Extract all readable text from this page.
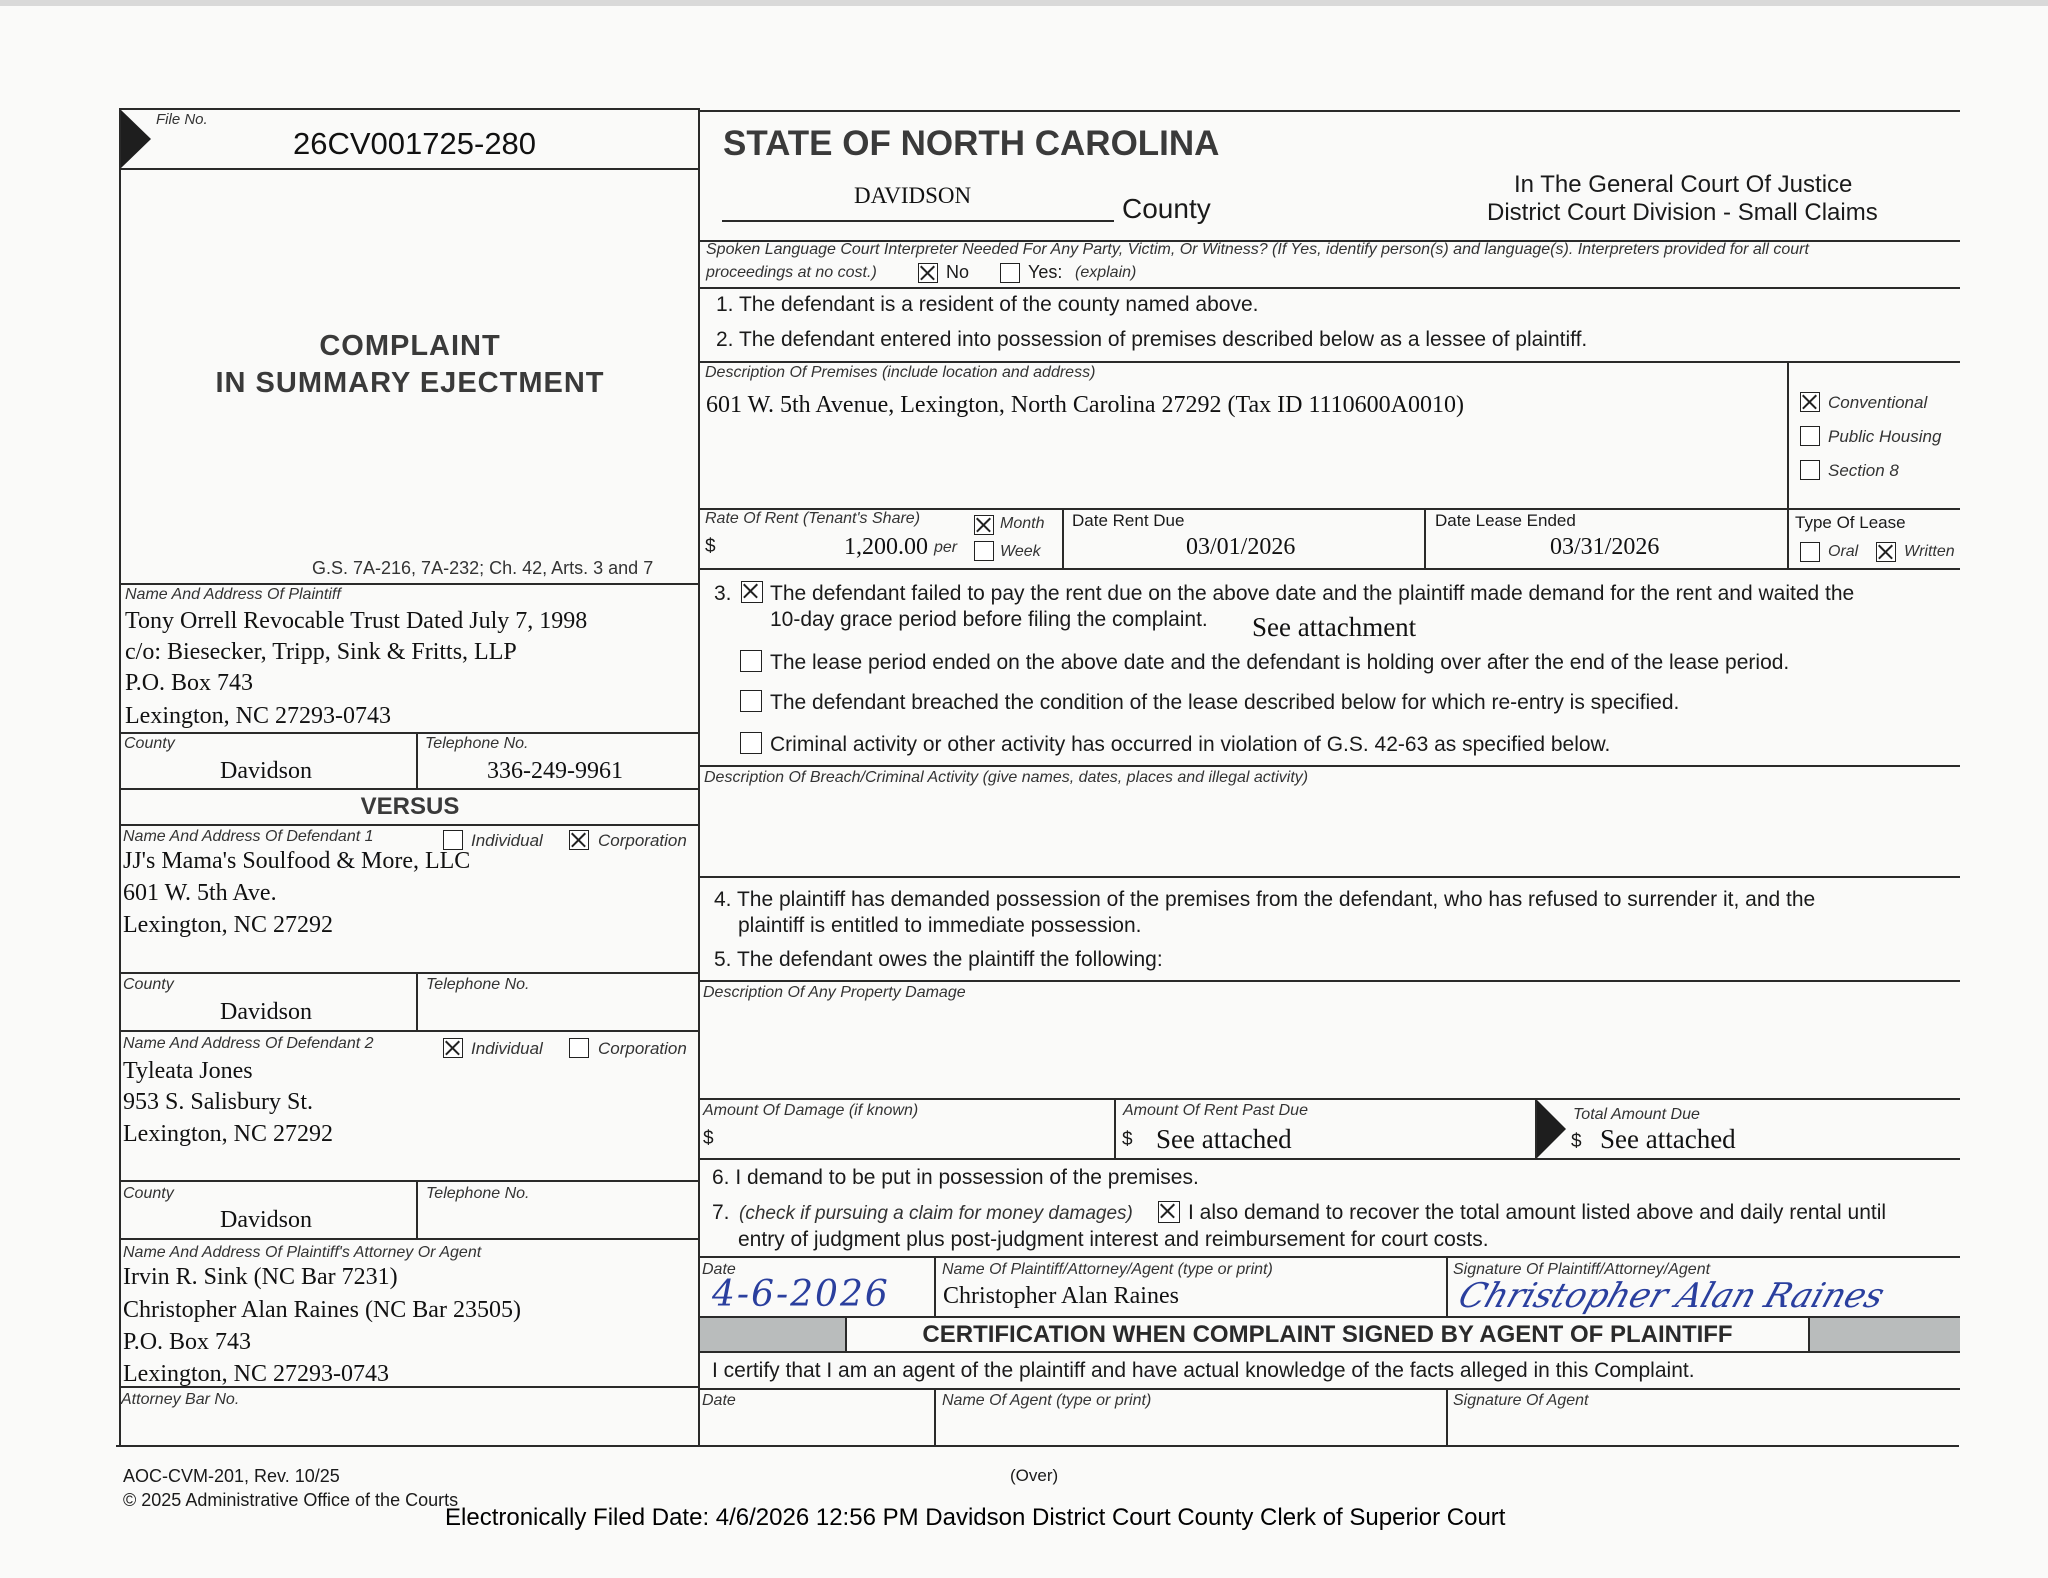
File No.
26CV001725-280	STATE OF NORTH CAROLINA
DAVIDSON	County
In The General Court Of Justice
District Court Division - Small Claims
Spoken Language Court Interpreter Needed For Any Party, Victim, Or Witness? (If Yes, identify person(s) and language(s). Interpreters provided for all court
proceedings at no cost.)	No	Yes: (explain)
COMPLAINT
IN SUMMARY EJECTMENT
G.S. 7A-216, 7A-232; Ch. 42, Arts. 3 and 7
1. The defendant is a resident of the county named above.
2. The defendant entered into possession of premises described below as a lessee of plaintiff.
Description Of Premises (include location and address)
601 W. 5th Avenue, Lexington, North Carolina 27292 (Tax ID 1110600A0010)	Conventional
Public Housing
Section 8
Rate Of Rent (Tenant's Share)
$	1,200.00 per
Month
Week
Date Rent Due
03/01/2026
Date Lease Ended
03/31/2026
Type Of Lease
Oral	Written
Name And Address Of Plaintiff
Tony Orrell Revocable Trust Dated July 7, 1998
c/o: Biesecker, Tripp, Sink & Fritts, LLP
P.O. Box 743
Lexington, NC 27293-0743
County
Davidson
Telephone No.
336-249-9961
VERSUS
Name And Address Of Defendant 1	Individual	Corporation
JJ's Mama's Soulfood & More, LLC
601 W. 5th Ave.
Lexington, NC 27292
County
Davidson
Telephone No.
Name And Address Of Defendant 2	Individual	Corporation
Tyleata Jones
953 S. Salisbury St.
Lexington, NC 27292
County
Davidson
Telephone No.
Name And Address Of Plaintiff's Attorney Or Agent
Irvin R. Sink (NC Bar 7231)
Christopher Alan Raines (NC Bar 23505)
P.O. Box 743
Lexington, NC 27293-0743
Attorney Bar No.
3. The defendant failed to pay the rent due on the above date and the plaintiff made demand for the rent and waited the
10-day grace period before filing the complaint. See attachment
The lease period ended on the above date and the defendant is holding over after the end of the lease period.
The defendant breached the condition of the lease described below for which re-entry is specified.
Criminal activity or other activity has occurred in violation of G.S. 42-63 as specified below.
Description Of Breach/Criminal Activity (give names, dates, places and illegal activity)
4. The plaintiff has demanded possession of the premises from the defendant, who has refused to surrender it, and the
plaintiff is entitled to immediate possession.
5. The defendant owes the plaintiff the following:
Description Of Any Property Damage
Amount Of Damage (if known)
$
Amount Of Rent Past Due
$ See attached
Total Amount Due
$ See attached
6. I demand to be put in possession of the premises.
7. (check if pursuing a claim for money damages)	I also demand to recover the total amount listed above and daily rental until
entry of judgment plus post-judgment interest and reimbursement for court costs.
Date
4-6-2026
Name Of Plaintiff/Attorney/Agent (type or print)
Christopher Alan Raines
Signature Of Plaintiff/Attorney/Agent
Christopher Alan Raines
CERTIFICATION WHEN COMPLAINT SIGNED BY AGENT OF PLAINTIFF
I certify that I am an agent of the plaintiff and have actual knowledge of the facts alleged in this Complaint.
Date	Name Of Agent (type or print)	Signature Of Agent
AOC-CVM-201, Rev. 10/25
© 2025 Administrative Office of the Courts
(Over)
Electronically Filed Date: 4/6/2026 12:56 PM Davidson District Court County Clerk of Superior Court
